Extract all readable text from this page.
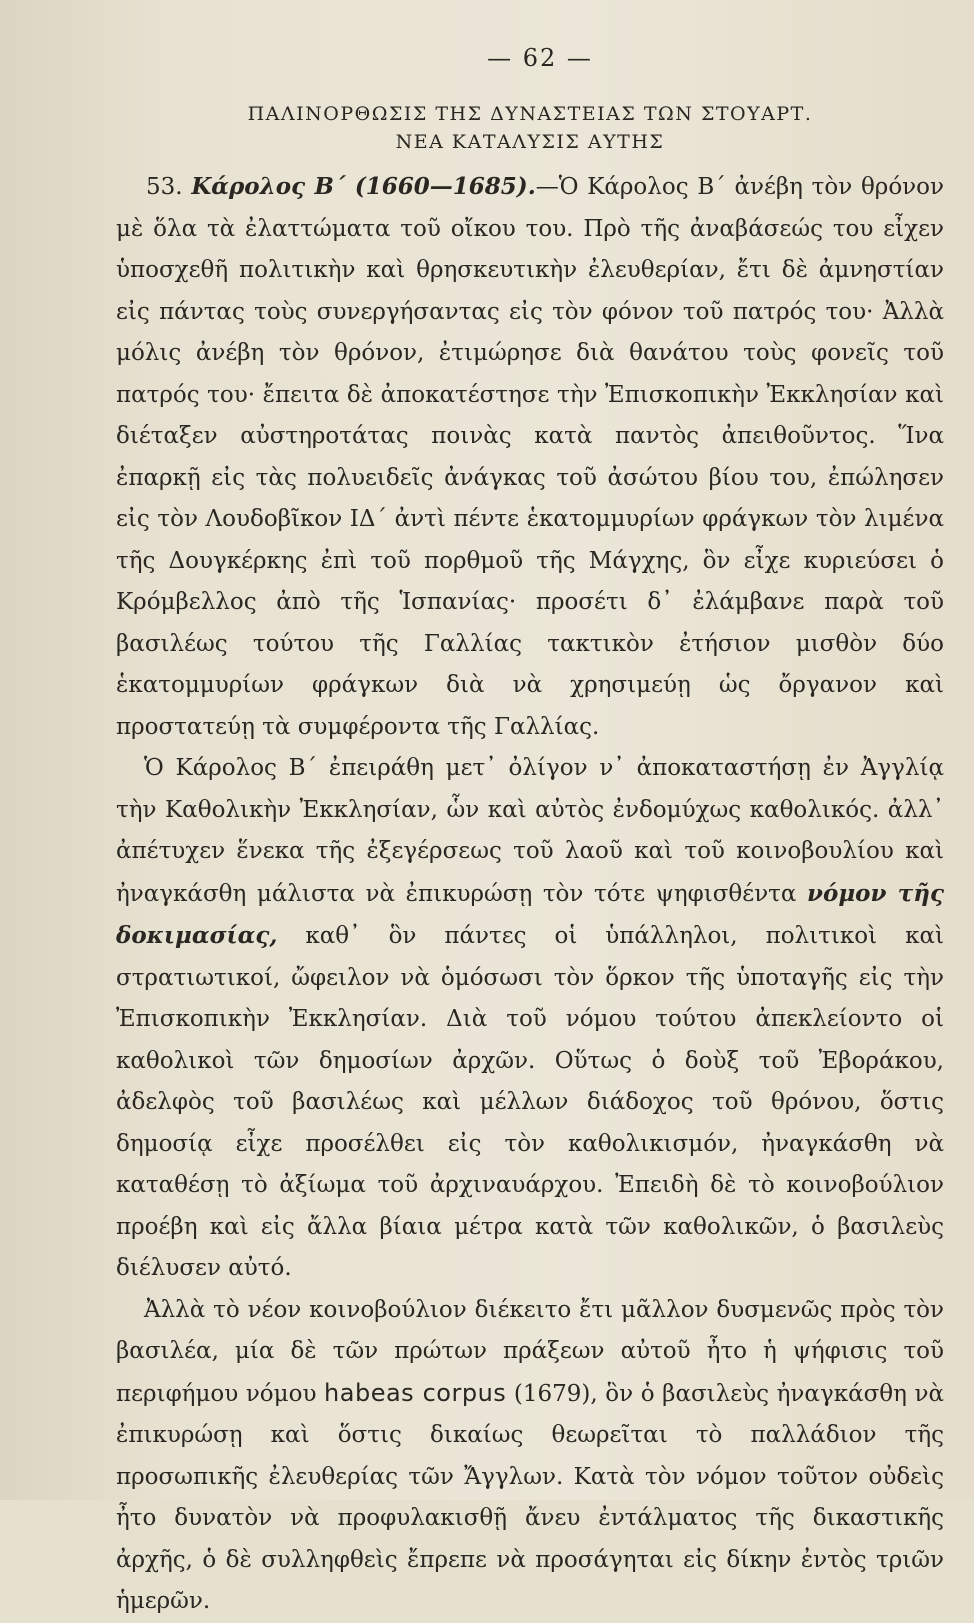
— 62 —

ΠΑΛΙΝΟΡΘΩΣΙΣ ΤΗΣ ΔΥΝΑΣΤΕΙΑΣ ΤΩΝ ΣΤΟΥΑΡΤ.

ΝΕΑ ΚΑΤΑΛΥΣΙΣ ΑΥΤΗΣ

53. Κάρολος Β΄ (1660—1685).—Ὁ Κάρολος Β΄ ἀνέβη τὸν θρόνον μὲ ὅλα τὰ ἐλαττώματα τοῦ οἴκου του. Πρὸ τῆς ἀναβάσεώς του εἶχεν ὑποσχεθῆ πολιτικὴν καὶ θρησκευτικὴν ἐλευθερίαν, ἔτι δὲ ἀμνηστίαν εἰς πάντας τοὺς συνεργήσαντας εἰς τὸν φόνον τοῦ πατρός του· Ἀλλὰ μόλις ἀνέβη τὸν θρόνον, ἐτιμώρησε διὰ θανάτου τοὺς φονεῖς τοῦ πατρός του· ἔπειτα δὲ ἀποκατέστησε τὴν Ἐπισκοπικὴν Ἐκκλησίαν καὶ διέταξεν αὐστηροτάτας ποινὰς κατὰ παντὸς ἀπειθοῦντος. Ἵνα ἐπαρκῇ εἰς τὰς πολυειδεῖς ἀνάγκας τοῦ ἀσώτου βίου του, ἐπώλησεν εἰς τὸν Λουδοβῖκον ΙΔ΄ ἀντὶ πέντε ἑκατομμυρίων φράγκων τὸν λιμένα τῆς Δουγκέρκης ἐπὶ τοῦ πορθμοῦ τῆς Μάγχης, ὃν εἶχε κυριεύσει ὁ Κρόμβελλος ἀπὸ τῆς Ἱσπανίας· προσέτι δ᾽ ἐλάμβανε παρὰ τοῦ βασιλέως τούτου τῆς Γαλλίας τακτικὸν ἐτήσιον μισθὸν δύο ἑκατομμυρίων φράγκων διὰ νὰ χρησιμεύῃ ὡς ὄργανον καὶ προστατεύῃ τὰ συμφέροντα τῆς Γαλλίας.

Ὁ Κάρολος Β΄ ἐπειράθη μετ᾽ ὀλίγον ν᾽ ἀποκαταστήσῃ ἐν Ἀγγλίᾳ τὴν Καθολικὴν Ἐκκλησίαν, ὧν καὶ αὐτὸς ἐνδομύχως καθολικός. ἀλλ᾽ ἀπέτυχεν ἕνεκα τῆς ἐξεγέρσεως τοῦ λαοῦ καὶ τοῦ κοινοβουλίου καὶ ἠναγκάσθη μάλιστα νὰ ἐπικυρώσῃ τὸν τότε ψηφισθέντα νόμον τῆς δοκιμασίας, καθ᾽ ὃν πάντες οἱ ὑπάλληλοι, πολιτικοὶ καὶ στρατιωτικοί, ὤφειλον νὰ ὁμόσωσι τὸν ὅρκον τῆς ὑποταγῆς εἰς τὴν Ἐπισκοπικὴν Ἐκκλησίαν. Διὰ τοῦ νόμου τούτου ἀπεκλείοντο οἱ καθολικοὶ τῶν δημοσίων ἀρχῶν. Οὕτως ὁ δοὺξ τοῦ Ἐβοράκου, ἀδελφὸς τοῦ βασιλέως καὶ μέλλων διάδοχος τοῦ θρόνου, ὅστις δημοσίᾳ εἶχε προσέλθει εἰς τὸν καθολικισμόν, ἠναγκάσθη νὰ καταθέσῃ τὸ ἀξίωμα τοῦ ἀρχιναυάρχου. Ἐπειδὴ δὲ τὸ κοινοβούλιον προέβη καὶ εἰς ἄλλα βίαια μέτρα κατὰ τῶν καθολικῶν, ὁ βασιλεὺς διέλυσεν αὐτό.

Ἀλλὰ τὸ νέον κοινοβούλιον διέκειτο ἔτι μᾶλλον δυσμενῶς πρὸς τὸν βασιλέα, μία δὲ τῶν πρώτων πράξεων αὐτοῦ ἦτο ἡ ψήφισις τοῦ περιφήμου νόμου habeas corpus (1679), ὃν ὁ βασιλεὺς ἠναγκάσθη νὰ ἐπικυρώσῃ καὶ ὅστις δικαίως θεωρεῖται τὸ παλλάδιον τῆς προσωπικῆς ἐλευθερίας τῶν Ἄγγλων. Κατὰ τὸν νόμον τοῦτον οὐδεὶς ἦτο δυνατὸν νὰ προφυλακισθῇ ἄνευ ἐντάλματος τῆς δικαστικῆς ἀρχῆς, ὁ δὲ συλληφθεὶς ἔπρεπε νὰ προσάγηται εἰς δίκην ἐντὸς τριῶν ἡμερῶν.
